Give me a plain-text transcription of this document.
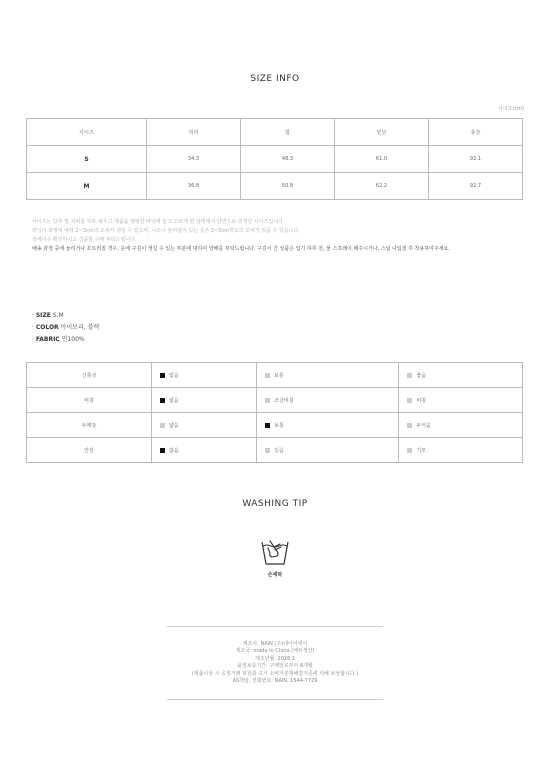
SIZE INFO
사이즈(cm)
사이즈	허리	힙	밑단	총장
S	34.3	48.3	61.0	92.1
M	36.8	50.8	62.2	92.7
사이즈는 단추 및 지퍼를 모두 채우고 제품을 평평한 바닥에 놓고 고르게 편 상태에서 단면으로 측정한 사이즈입니다.
러닝이 과정에 따라 2~3cm의 오차가 생길 수 있으며, 니트나 늘어짐이 있는 옷은 2~5cm정도의 오차가 있을 수 있습니다.
상세자수 확인하시고 신중한 구매 부탁드립니다.
배송 과정 중에 눌리거나 흐트러질 경우, 옷에 구김이 생길 수 있는 부분에 대하여 양해를 부탁드립니다. 구김이 간 상품은 입기 하루 전, 물 스프레이 해주시거나, 스팀 나림질 후 착용하여주세요.
· SIZE S,M
· COLOR 아이보리, 블랙
· FABRIC 면100%
신축성	없음	보통	좋음
비침	없음	조금비침	비침
두께감	얇음	보통	두꺼움
안감	없음	있음	기모
WASHING TIP
손세탁
제조사: NAIN (주)네이어네어
제조국: made in China (해외생산)
제조년월: 2026.1
품질보증기간: 구매일로부터 6개월
(제품이상 시 공정거래 위원회 고시 소비자분쟁해결기준에 의해 보상합니다.)
AS책임, 전화번호: NAIN, 1544-7729
